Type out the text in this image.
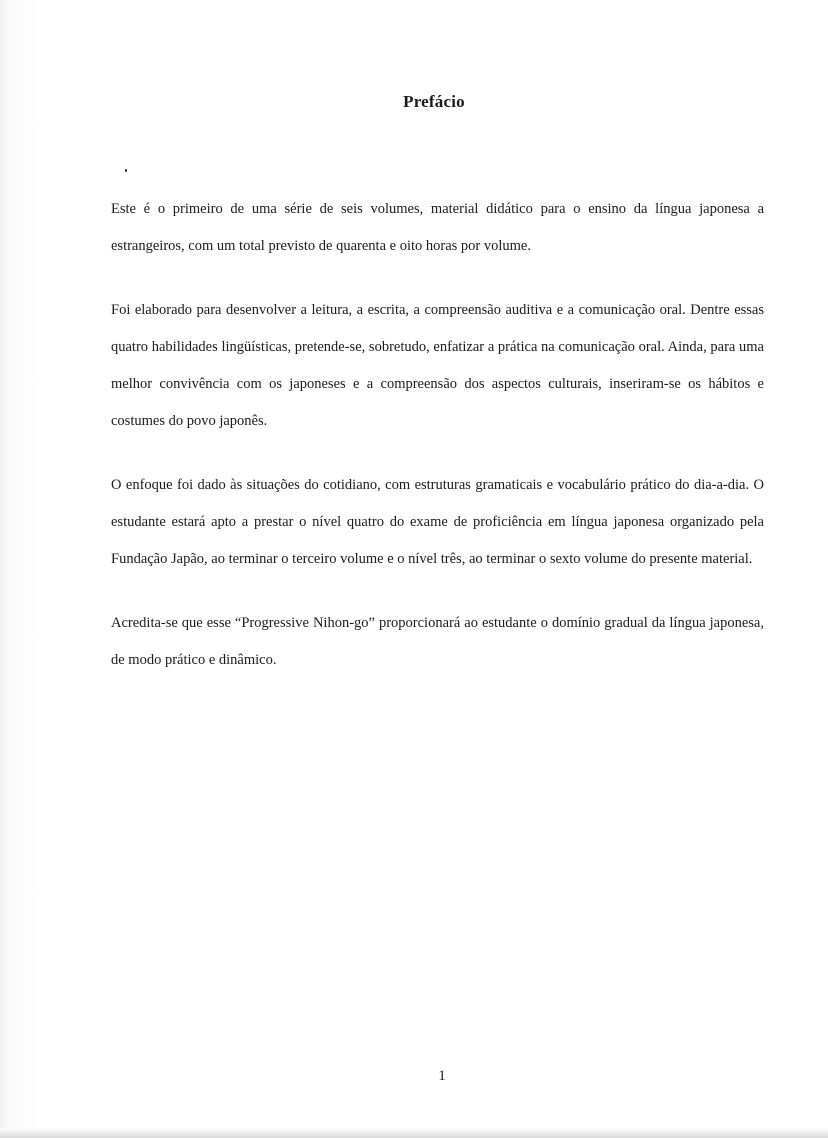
Prefácio

Este é o primeiro de uma série de seis volumes, material didático para o ensino da língua japonesa a estrangeiros, com um total previsto de quarenta e oito horas por volume.

Foi elaborado para desenvolver a leitura, a escrita, a compreensão auditiva e a comunicação oral. Dentre essas quatro habilidades lingüísticas, pretende-se, sobretudo, enfatizar a prática na comunicação oral. Ainda, para uma melhor convivência com os japoneses e a compreensão dos aspectos culturais, inseriram-se os hábitos e costumes do povo japonês.

O enfoque foi dado às situações do cotidiano, com estruturas gramaticais e vocabulário prático do dia-a-dia. O estudante estará apto a prestar o nível quatro do exame de proficiência em língua japonesa organizado pela Fundação Japão, ao terminar o terceiro volume e o nível três, ao terminar o sexto volume do presente material.

Acredita-se que esse “Progressive Nihon-go” proporcionará ao estudante o domínio gradual da língua japonesa, de modo prático e dinâmico.

1
